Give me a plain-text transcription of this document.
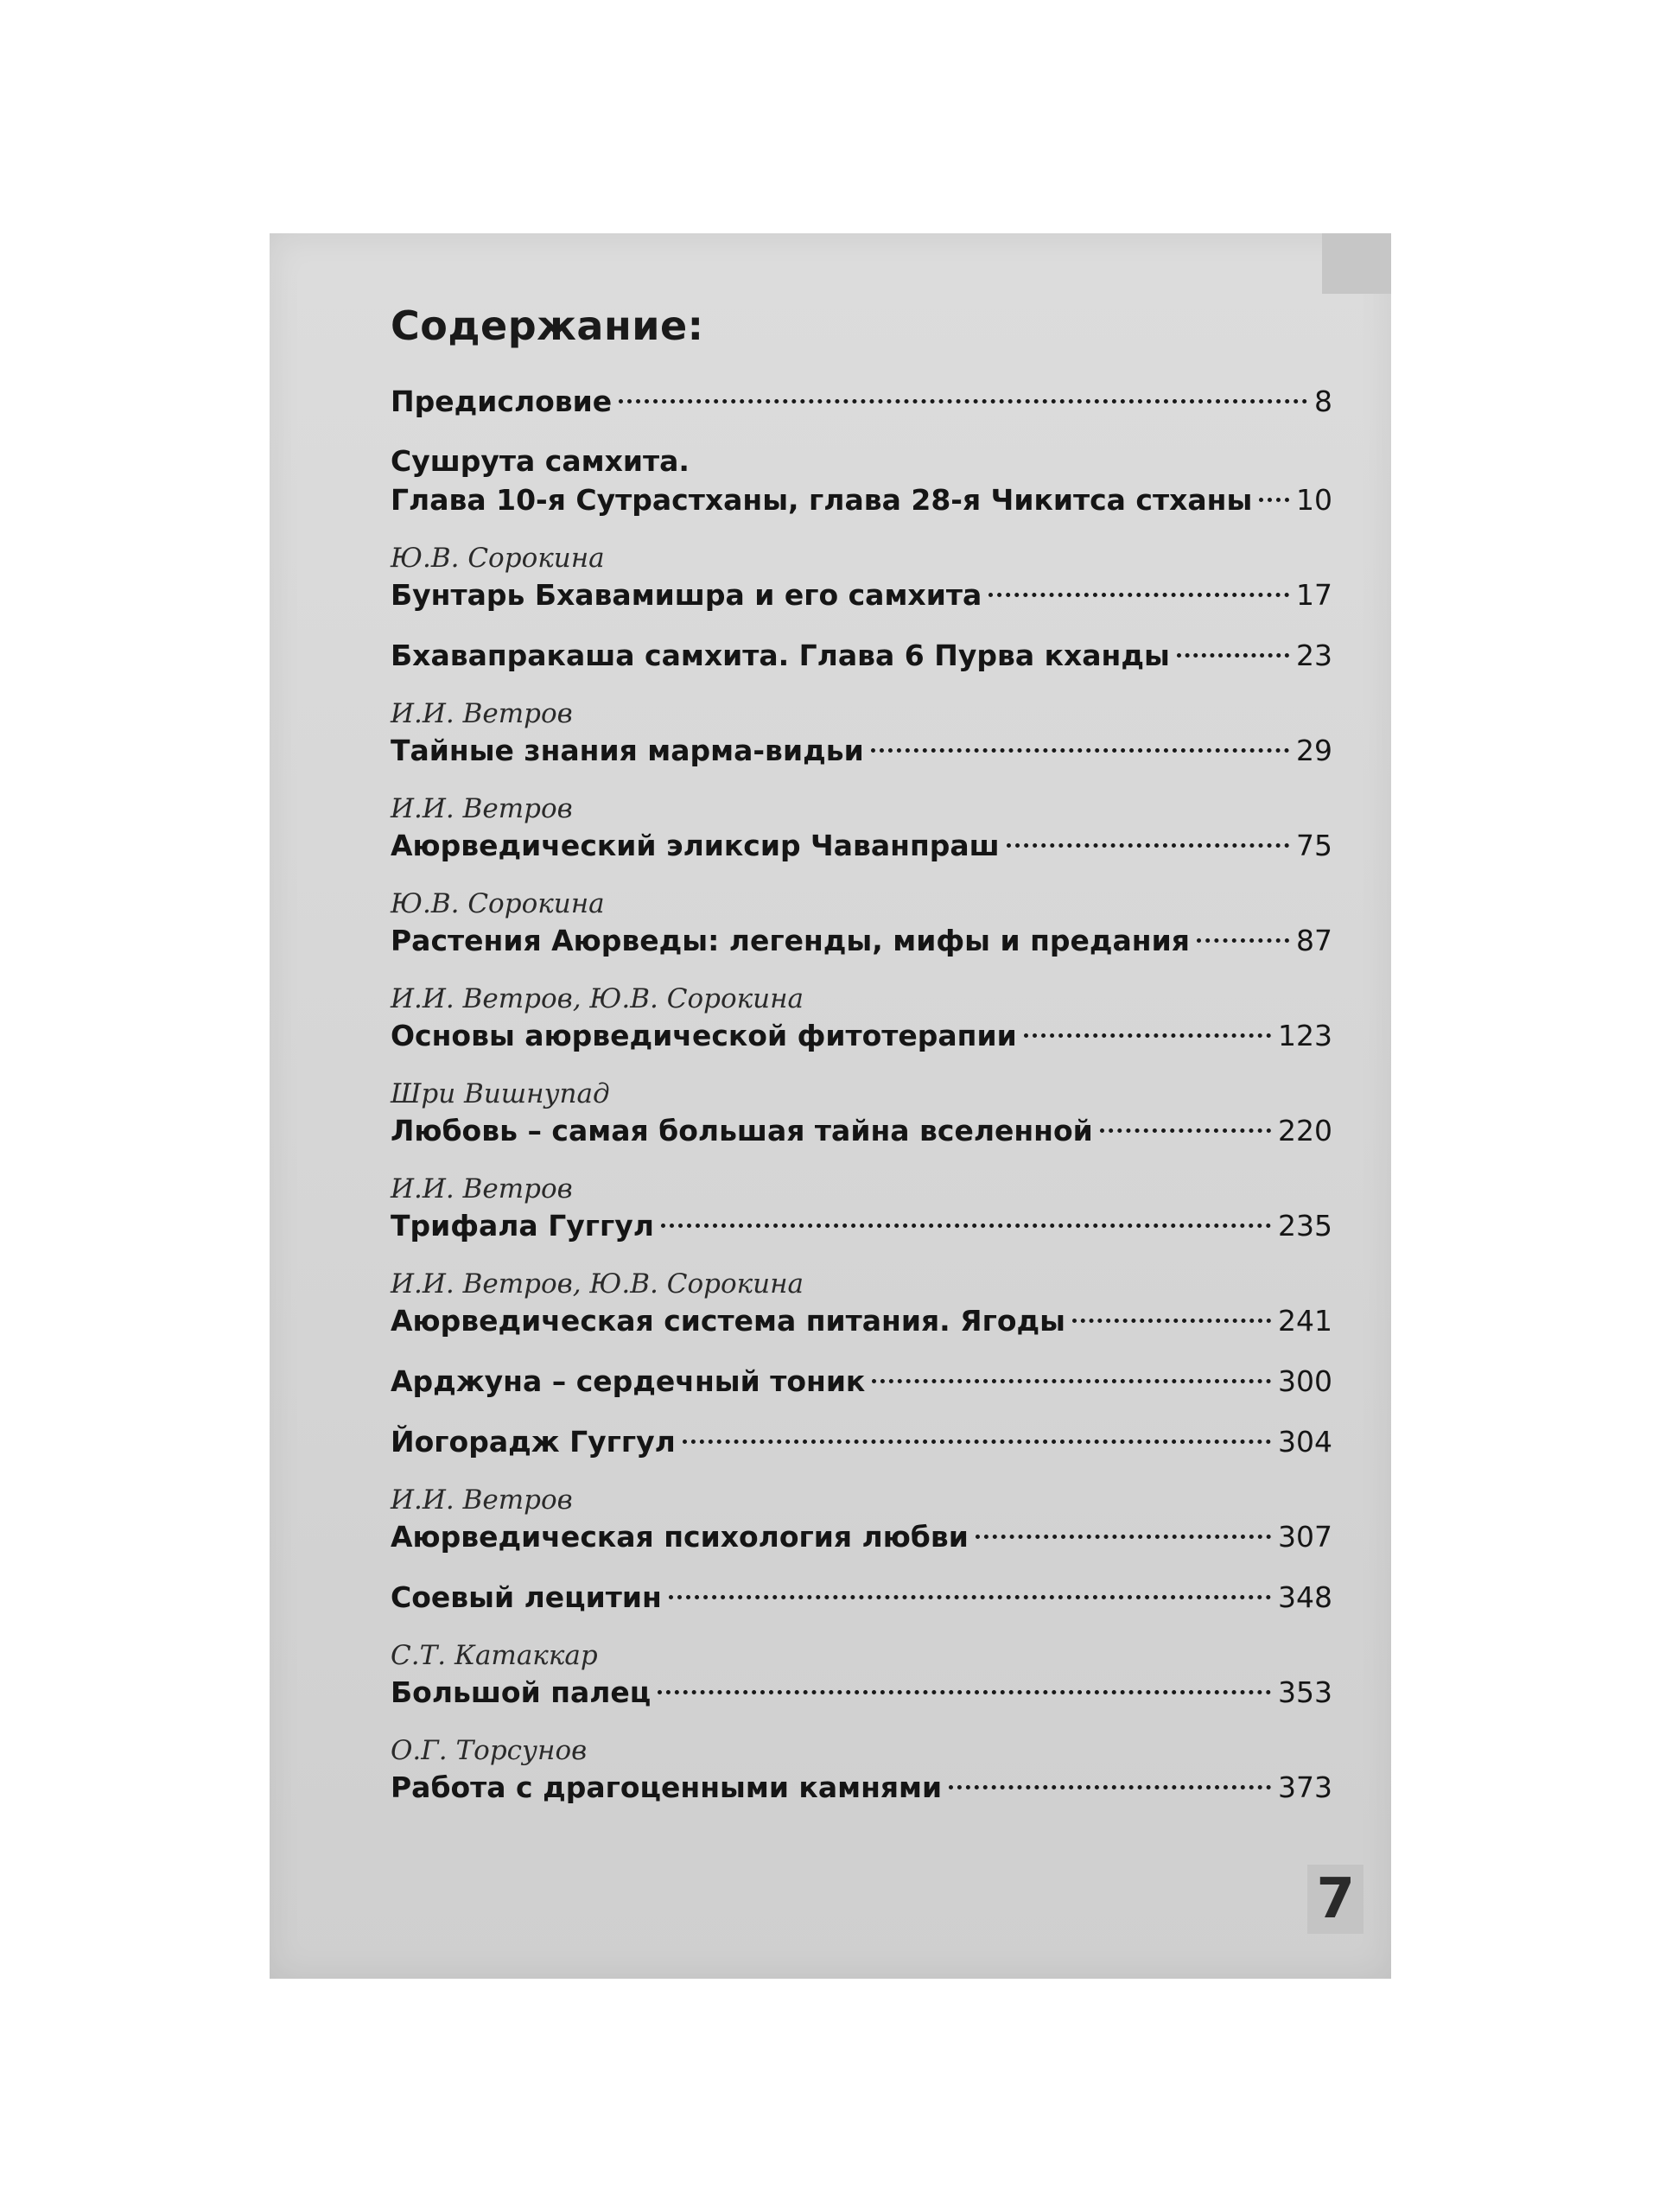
Содержание:
Предисловие	8
Сушрута самхита.
Глава 10-я Сутрастханы, глава 28-я Чикитса стханы 10
Ю.В. Сорокина
Бунтарь Бхавамишра и его самхита	17
Бхавапракаша самхита. Глава 6 Пурва кханды	23
И.И. Ветров
Тайные знания марма-видьи	29
И.И. Ветров
Аюрведический эликсир Чаванпраш	75
Ю.В. Сорокина
Растения Аюрведы: легенды, мифы и предания	87
И.И. Ветров, Ю.В. Сорокина
Основы аюрведической фитотерапии	123
Шри Вишнупад
Любовь – самая большая тайна вселенной	220
И.И. Ветров
Трифала Гуггул	235
И.И. Ветров, Ю.В. Сорокина
Аюрведическая система питания. Ягоды	241
Арджуна – сердечный тоник	300
Йогорадж Гуггул	304
И.И. Ветров
Аюрведическая психология любви	307
Соевый лецитин	348
С.Т. Катаккар
Большой палец	353
О.Г. Торсунов
Работа с драгоценными камнями	373
7
